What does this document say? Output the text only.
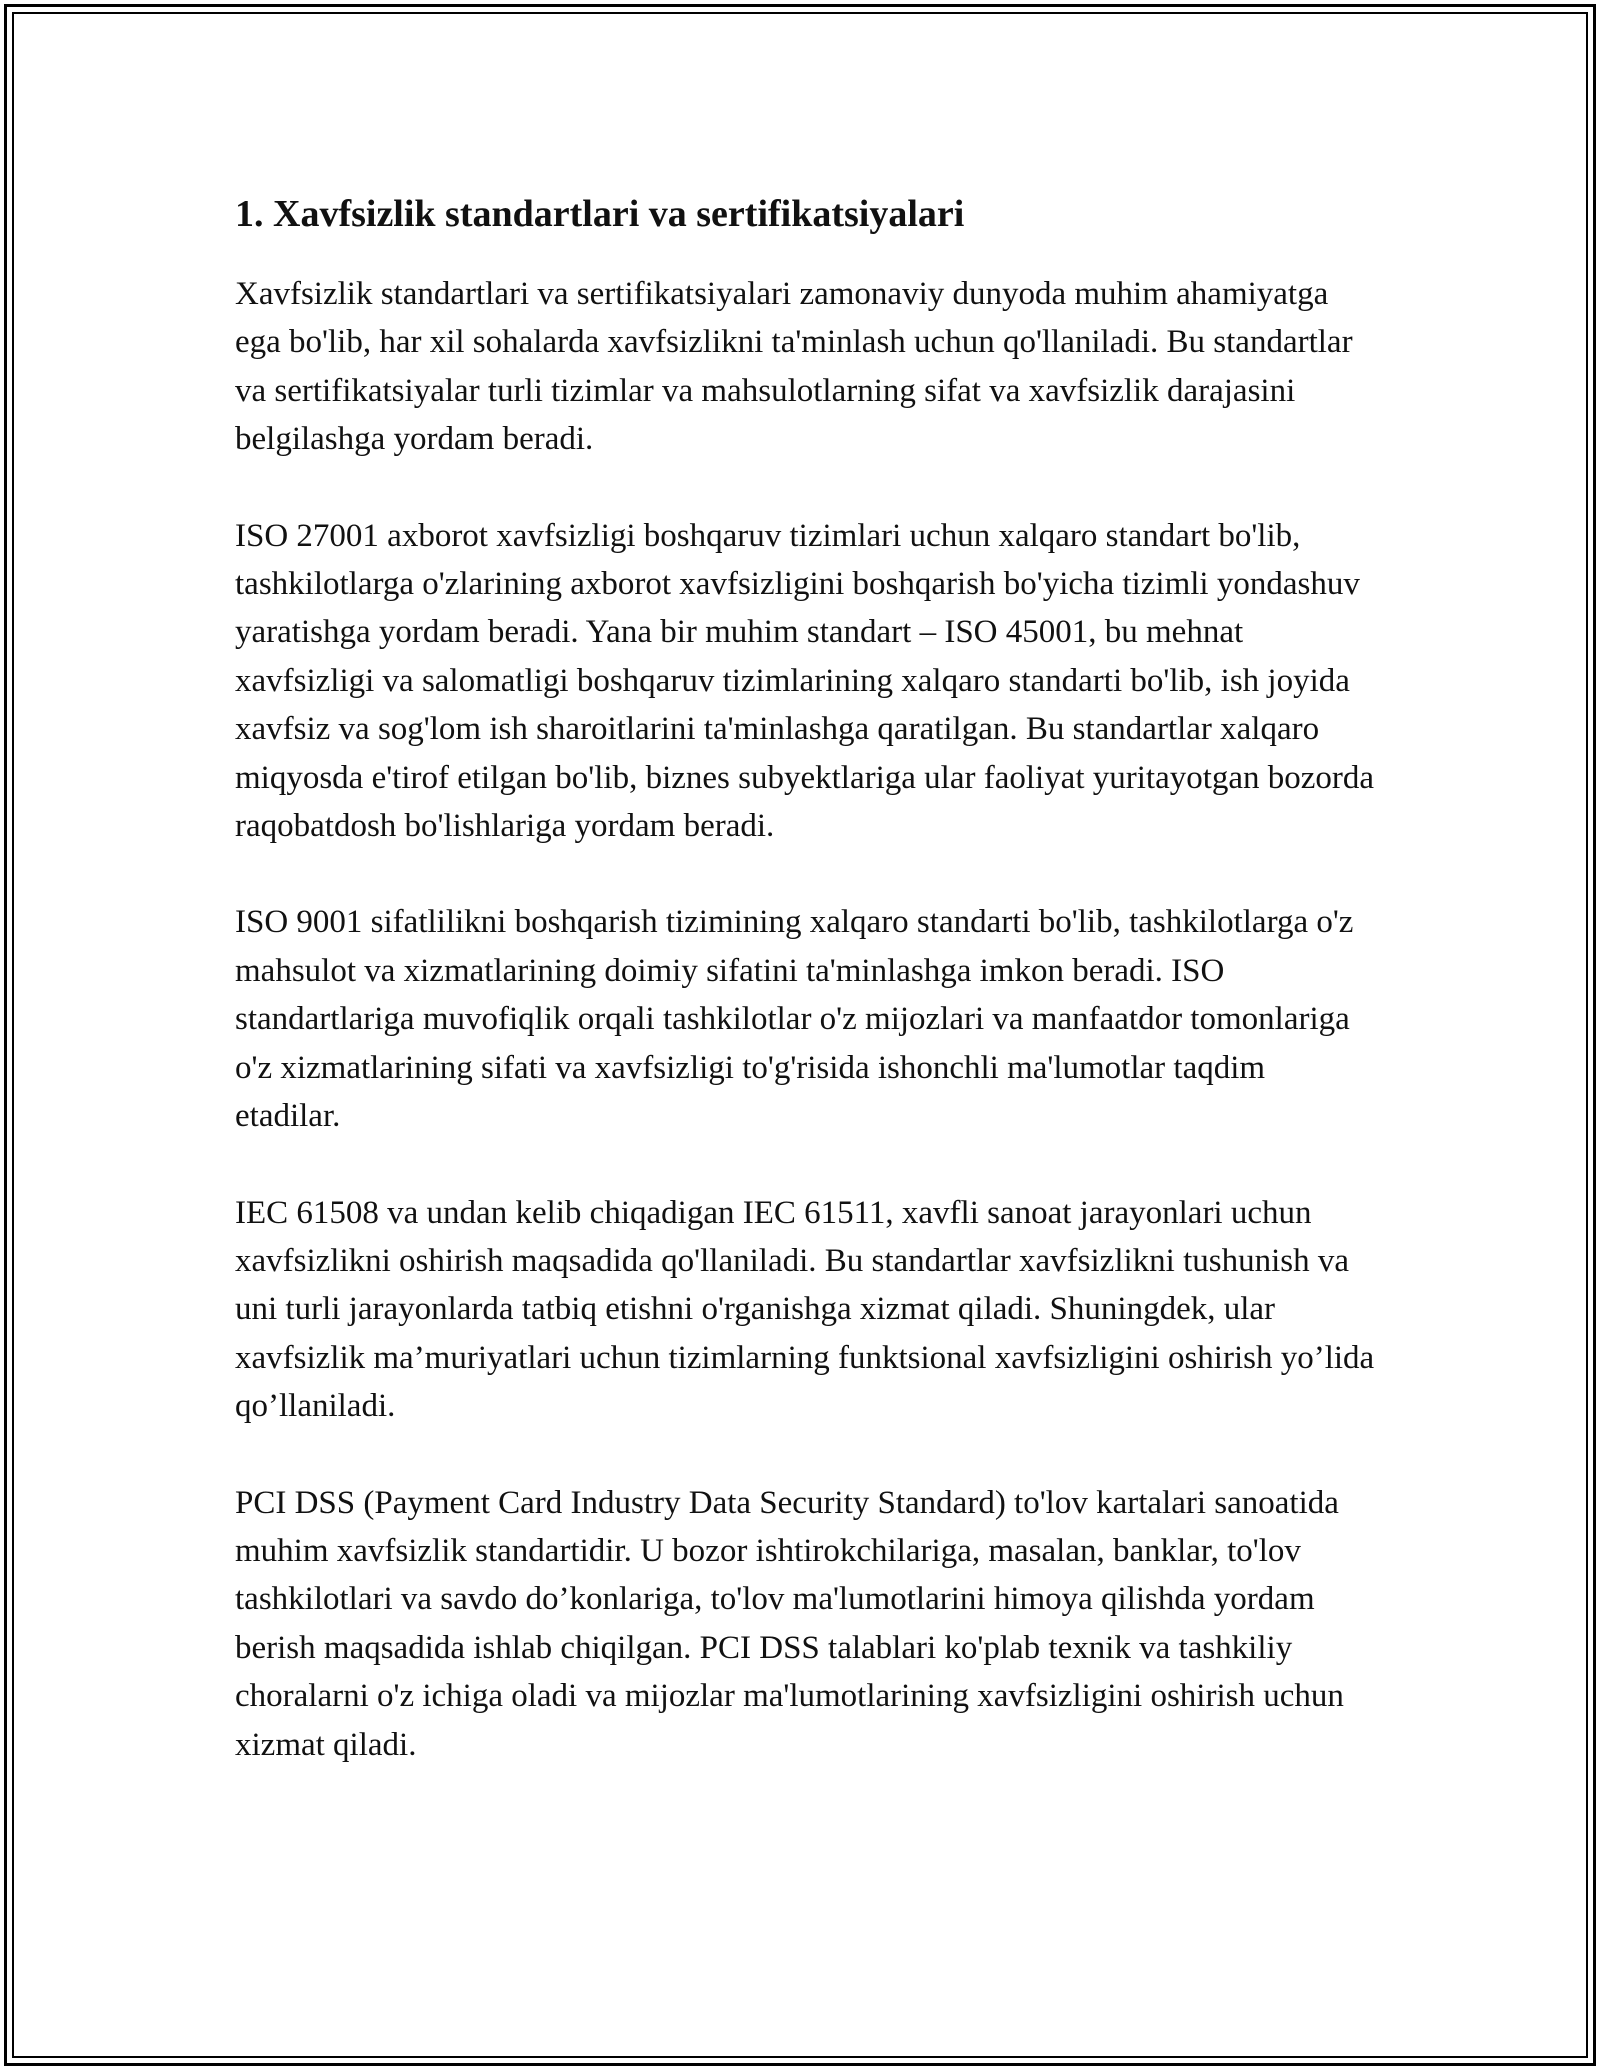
1. Xavfsizlik standartlari va sertifikatsiyalari

Xavfsizlik standartlari va sertifikatsiyalari zamonaviy dunyoda muhim ahamiyatga ega bo'lib, har xil sohalarda xavfsizlikni ta'minlash uchun qo'llaniladi. Bu standartlar va sertifikatsiyalar turli tizimlar va mahsulotlarning sifat va xavfsizlik darajasini belgilashga yordam beradi.

ISO 27001 axborot xavfsizligi boshqaruv tizimlari uchun xalqaro standart bo'lib, tashkilotlarga o'zlarining axborot xavfsizligini boshqarish bo'yicha tizimli yondashuv yaratishga yordam beradi. Yana bir muhim standart – ISO 45001, bu mehnat xavfsizligi va salomatligi boshqaruv tizimlarining xalqaro standarti bo'lib, ish joyida xavfsiz va sog'lom ish sharoitlarini ta'minlashga qaratilgan. Bu standartlar xalqaro miqyosda e'tirof etilgan bo'lib, biznes subyektlariga ular faoliyat yuritayotgan bozorda raqobatdosh bo'lishlariga yordam beradi.

ISO 9001 sifatlilikni boshqarish tizimining xalqaro standarti bo'lib, tashkilotlarga o'z mahsulot va xizmatlarining doimiy sifatini ta'minlashga imkon beradi. ISO standartlariga muvofiqlik orqali tashkilotlar o'z mijozlari va manfaatdor tomonlariga o'z xizmatlarining sifati va xavfsizligi to'g'risida ishonchli ma'lumotlar taqdim etadilar.

IEC 61508 va undan kelib chiqadigan IEC 61511, xavfli sanoat jarayonlari uchun xavfsizlikni oshirish maqsadida qo'llaniladi. Bu standartlar xavfsizlikni tushunish va uni turli jarayonlarda tatbiq etishni o'rganishga xizmat qiladi. Shuningdek, ular xavfsizlik ma’muriyatlari uchun tizimlarning funktsional xavfsizligini oshirish yo’lida qo’llaniladi.

PCI DSS (Payment Card Industry Data Security Standard) to'lov kartalari sanoatida muhim xavfsizlik standartidir. U bozor ishtirokchilariga, masalan, banklar, to'lov tashkilotlari va savdo do’konlariga, to'lov ma'lumotlarini himoya qilishda yordam berish maqsadida ishlab chiqilgan. PCI DSS talablari ko'plab texnik va tashkiliy choralarni o'z ichiga oladi va mijozlar ma'lumotlarining xavfsizligini oshirish uchun xizmat qiladi.
